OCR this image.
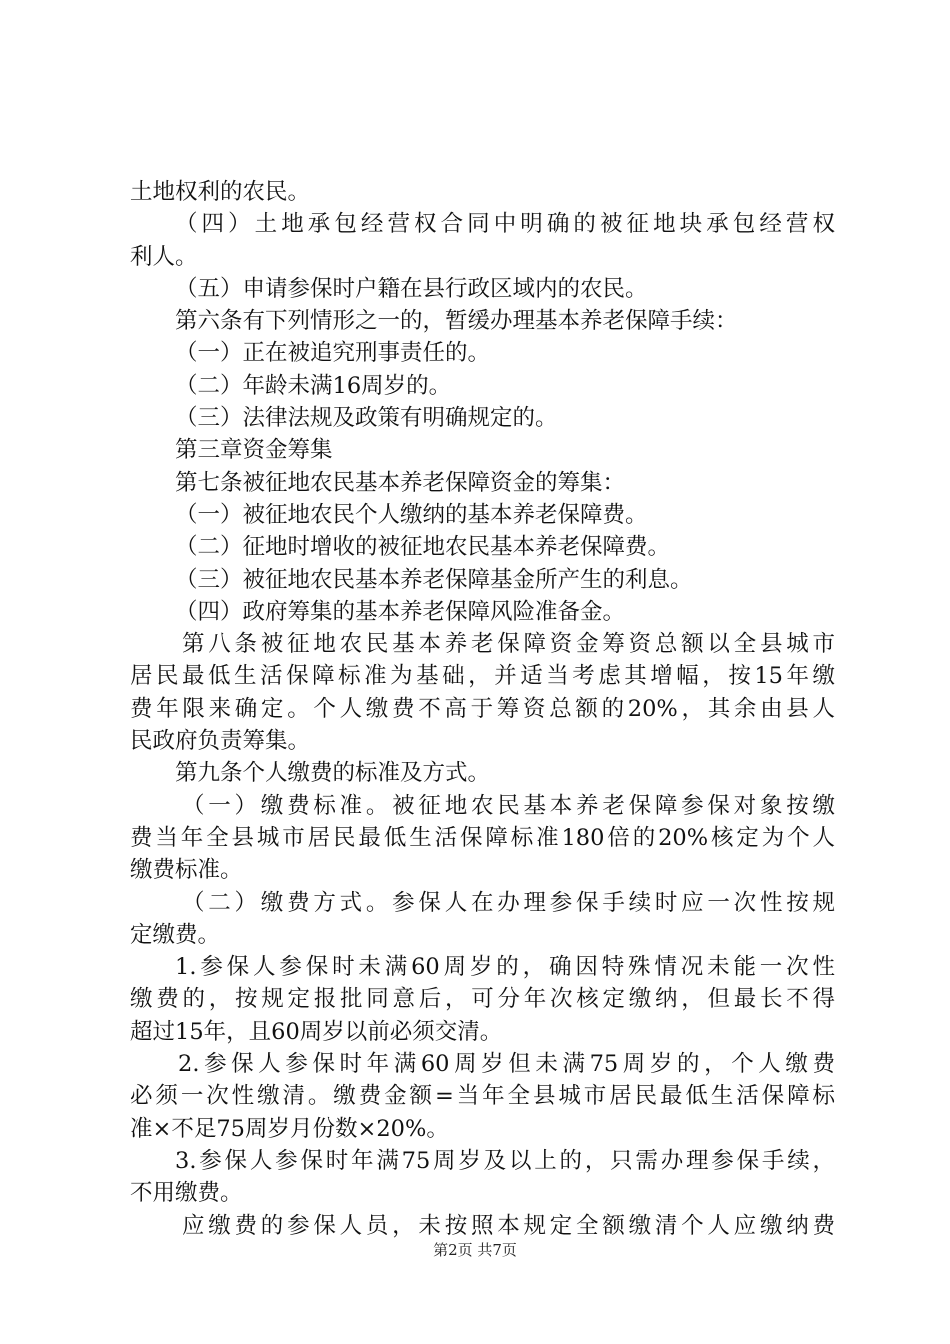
土地权利的农民。
（四）土地承包经营权合同中明确的被征地块承包经营权
利人。
（五）申请参保时户籍在县行政区域内的农民。
第六条有下列情形之一的，暂缓办理基本养老保障手续：
（一）正在被追究刑事责任的。
（二）年龄未满16周岁的。
（三）法律法规及政策有明确规定的。
第三章资金筹集
第七条被征地农民基本养老保障资金的筹集：
（一）被征地农民个人缴纳的基本养老保障费。
（二）征地时增收的被征地农民基本养老保障费。
（三）被征地农民基本养老保障基金所产生的利息。
（四）政府筹集的基本养老保障风险准备金。
第八条被征地农民基本养老保障资金筹资总额以全县城市
居民最低生活保障标准为基础，并适当考虑其增幅，按15年缴
费年限来确定。个人缴费不高于筹资总额的20%，其余由县人
民政府负责筹集。
第九条个人缴费的标准及方式。
（一）缴费标准。被征地农民基本养老保障参保对象按缴
费当年全县城市居民最低生活保障标准180倍的20%核定为个人
缴费标准。
（二）缴费方式。参保人在办理参保手续时应一次性按规
定缴费。
1.参保人参保时未满60周岁的，确因特殊情况未能一次性
缴费的，按规定报批同意后，可分年次核定缴纳，但最长不得
超过15年，且60周岁以前必须交清。
2.参保人参保时年满60周岁但未满75周岁的，个人缴费
必须一次性缴清。缴费金额=当年全县城市居民最低生活保障标
准×不足75周岁月份数×20%。
3.参保人参保时年满75周岁及以上的，只需办理参保手续，
不用缴费。
应缴费的参保人员，未按照本规定全额缴清个人应缴纳费
第2页 共7页
